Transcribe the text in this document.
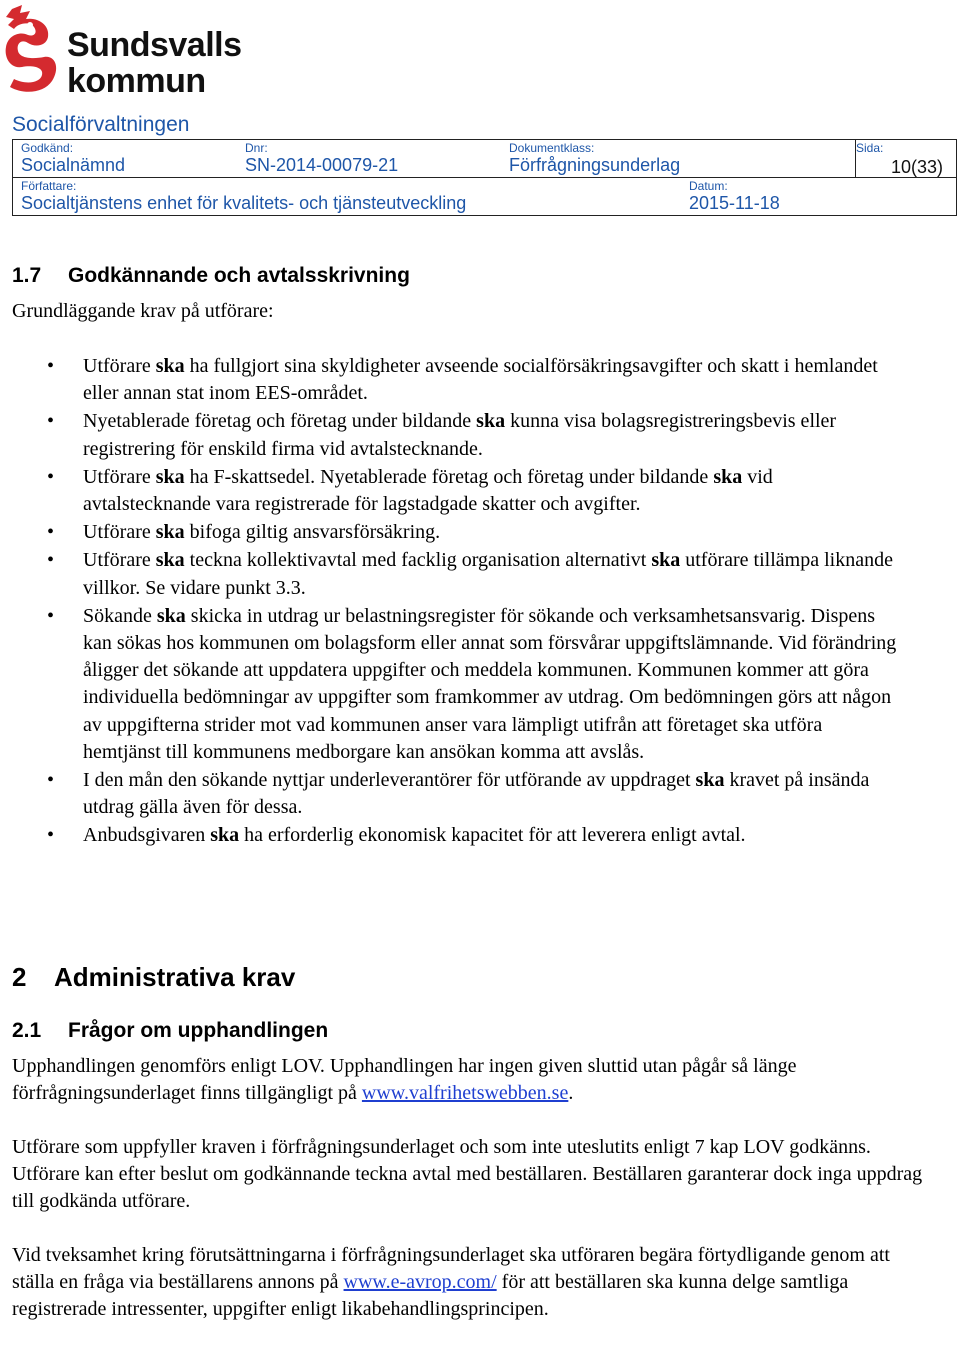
Sundsvalls
kommun
Socialförvaltningen
Godkänd:
Socialnämnd
Dnr:
SN-2014-00079-21
Dokumentklass:
Förfrågningsunderlag
Sida:
10(33)
Författare:
Socialtjänstens enhet för kvalitets- och tjänsteutveckling
Datum:
2015-11-18
1.7 Godkännande och avtalsskrivning
Grundläggande krav på utförare:
• Utförare ska ha fullgjort sina skyldigheter avseende socialförsäkringsavgifter och skatt i hemlandet eller annan stat inom EES-området.
• Nyetablerade företag och företag under bildande ska kunna visa bolagsregistreringsbevis eller registrering för enskild firma vid avtalstecknande.
• Utförare ska ha F-skattsedel. Nyetablerade företag och företag under bildande ska vid avtalstecknande vara registrerade för lagstadgade skatter och avgifter.
• Utförare ska bifoga giltig ansvarsförsäkring.
• Utförare ska teckna kollektivavtal med facklig organisation alternativt ska utförare tillämpa liknande villkor. Se vidare punkt 3.3.
• Sökande ska skicka in utdrag ur belastningsregister för sökande och verksamhetsansvarig. Dispens kan sökas hos kommunen om bolagsform eller annat som försvårar uppgiftslämnande. Vid förändring åligger det sökande att uppdatera uppgifter och meddela kommunen. Kommunen kommer att göra individuella bedömningar av uppgifter som framkommer av utdrag. Om bedömningen görs att någon av uppgifterna strider mot vad kommunen anser vara lämpligt utifrån att företaget ska utföra hemtjänst till kommunens medborgare kan ansökan komma att avslås.
• I den mån den sökande nyttjar underleverantörer för utförande av uppdraget ska kravet på insända utdrag gälla även för dessa.
• Anbudsgivaren ska ha erforderlig ekonomisk kapacitet för att leverera enligt avtal.
2 Administrativa krav
2.1 Frågor om upphandlingen
Upphandlingen genomförs enligt LOV. Upphandlingen har ingen given sluttid utan pågår så länge förfrågningsunderlaget finns tillgängligt på www.valfrihetswebben.se.
Utförare som uppfyller kraven i förfrågningsunderlaget och som inte uteslutits enligt 7 kap LOV godkänns. Utförare kan efter beslut om godkännande teckna avtal med beställaren. Beställaren garanterar dock inga uppdrag till godkända utförare.
Vid tveksamhet kring förutsättningarna i förfrågningsunderlaget ska utföraren begära förtydligande genom att ställa en fråga via beställarens annons på www.e-avrop.com/ för att beställaren ska kunna delge samtliga registrerade intressenter, uppgifter enligt likabehandlingsprincipen.
